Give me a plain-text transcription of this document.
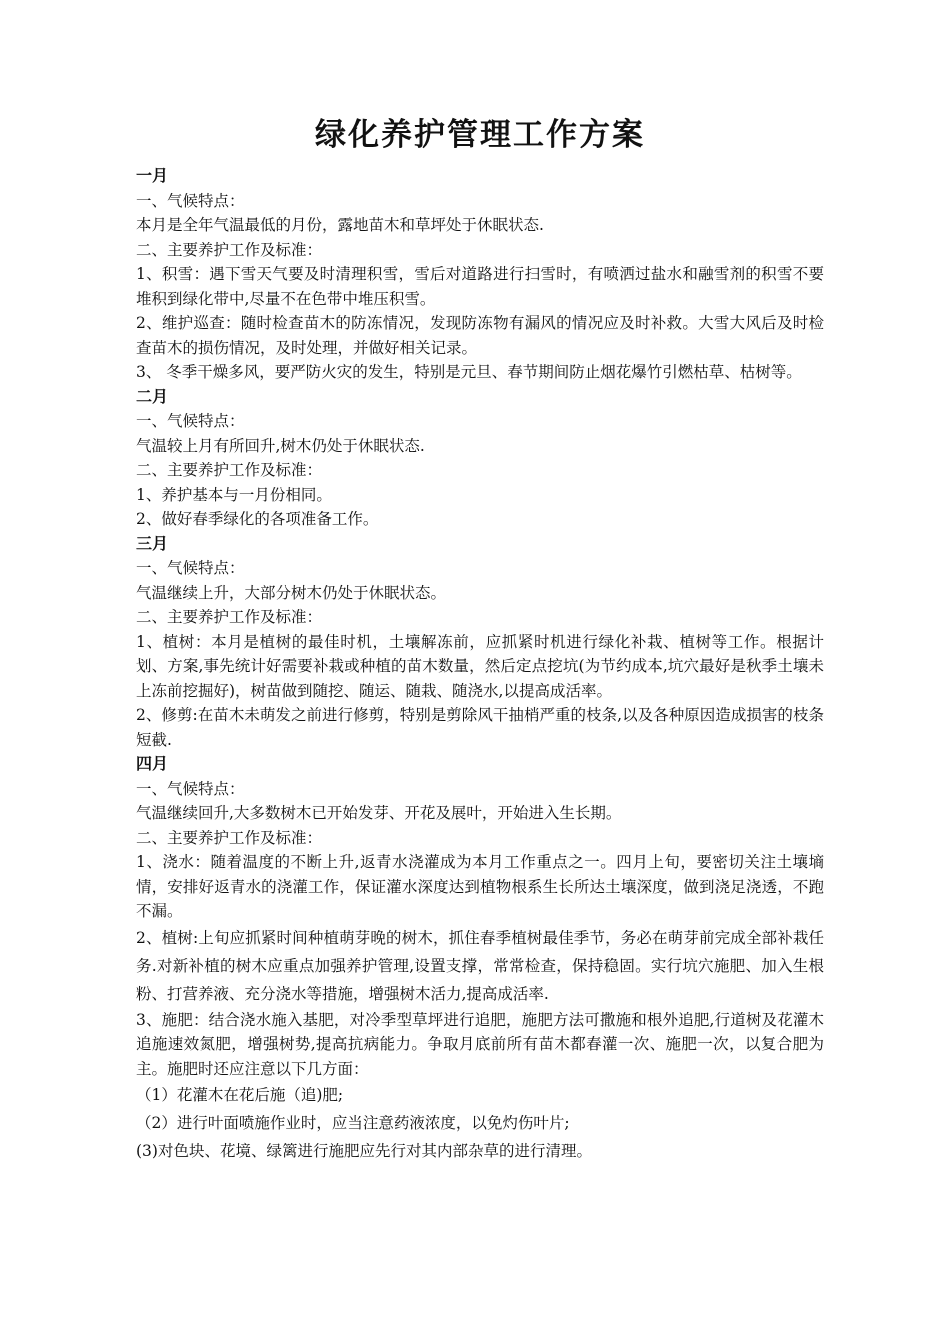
绿化养护管理工作方案
一月

一、气候特点：

本月是全年气温最低的月份，露地苗木和草坪处于休眠状态.

二、主要养护工作及标准：

1、积雪：遇下雪天气要及时清理积雪，雪后对道路进行扫雪时，有喷洒过盐水和融雪剂的积雪不要堆积到绿化带中,尽量不在色带中堆压积雪。

2、维护巡查：随时检查苗木的防冻情况，发现防冻物有漏风的情况应及时补救。大雪大风后及时检查苗木的损伤情况，及时处理，并做好相关记录。

3、 冬季干燥多风，要严防火灾的发生，特别是元旦、春节期间防止烟花爆竹引燃枯草、枯树等。

二月

一、气候特点：

气温较上月有所回升,树木仍处于休眠状态.

二、主要养护工作及标准：

1、养护基本与一月份相同。

2、做好春季绿化的各项准备工作。

三月

一、气候特点：

气温继续上升，大部分树木仍处于休眠状态。

二、主要养护工作及标准：

1、植树：本月是植树的最佳时机，土壤解冻前，应抓紧时机进行绿化补栽、植树等工作。根据计划、方案,事先统计好需要补栽或种植的苗木数量，然后定点挖坑(为节约成本,坑穴最好是秋季土壤未上冻前挖掘好)，树苗做到随挖、随运、随栽、随浇水,以提高成活率。

2、修剪:在苗木未萌发之前进行修剪，特别是剪除风干抽梢严重的枝条,以及各种原因造成损害的枝条短截.

四月

一、气候特点：

气温继续回升,大多数树木已开始发芽、开花及展叶，开始进入生长期。

二、主要养护工作及标准：

1、浇水：随着温度的不断上升,返青水浇灌成为本月工作重点之一。四月上旬，要密切关注土壤墒情，安排好返青水的浇灌工作，保证灌水深度达到植物根系生长所达土壤深度，做到浇足浇透，不跑不漏。

2、植树:上旬应抓紧时间种植萌芽晚的树木，抓住春季植树最佳季节，务必在萌芽前完成全部补栽任务.对新补植的树木应重点加强养护管理,设置支撑，常常检查，保持稳固。实行坑穴施肥、加入生根粉、打营养液、充分浇水等措施，增强树木活力,提高成活率.

3、施肥：结合浇水施入基肥，对冷季型草坪进行追肥，施肥方法可撒施和根外追肥,行道树及花灌木追施速效氮肥，增强树势,提高抗病能力。争取月底前所有苗木都春灌一次、施肥一次，以复合肥为主。施肥时还应注意以下几方面：

（1）花灌木在花后施（追)肥;

（2）进行叶面喷施作业时，应当注意药液浓度，以免灼伤叶片;

(3)对色块、花境、绿篱进行施肥应先行对其内部杂草的进行清理。
